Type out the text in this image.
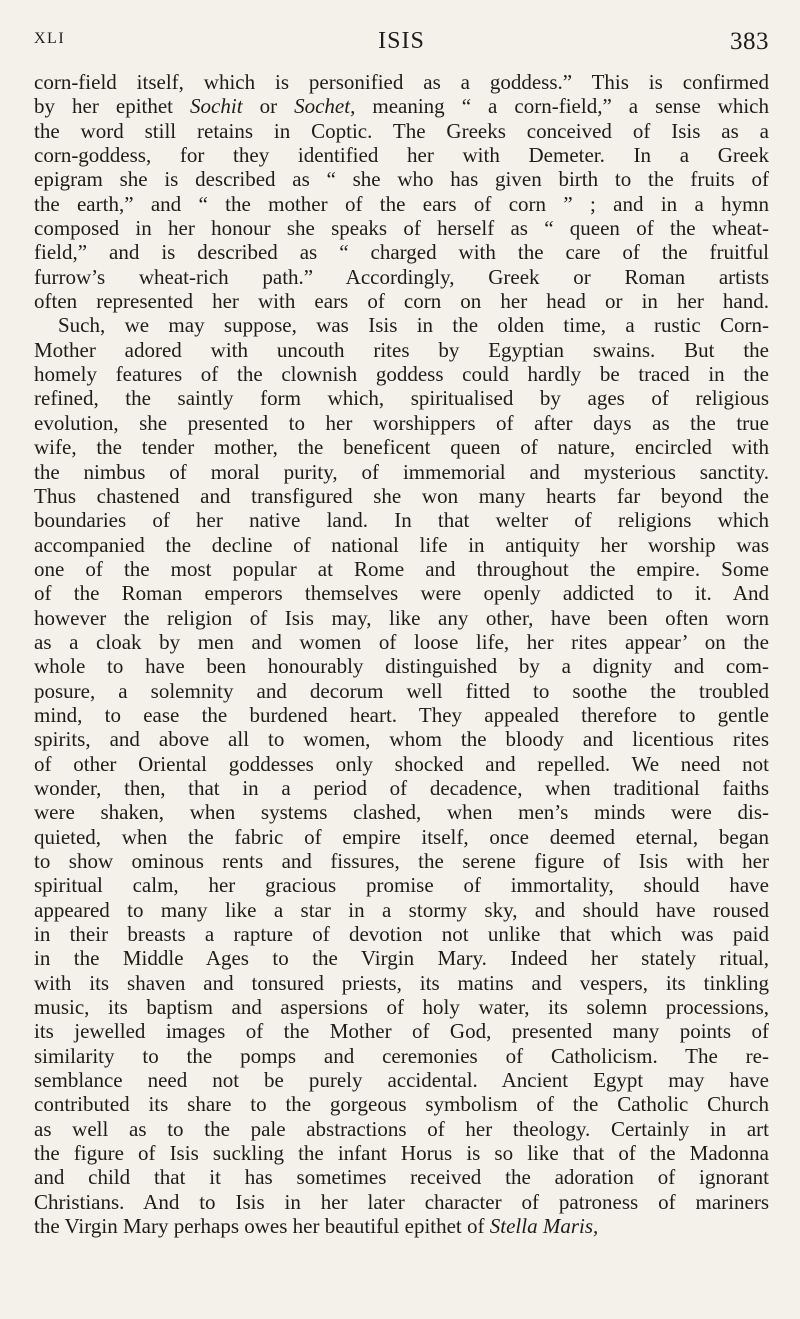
XLI	ISIS	383
corn-field itself, which is personified as a goddess.” This is confirmed
by her epithet Sochit or Sochet, meaning “ a corn-field,” a sense which
the word still retains in Coptic. The Greeks conceived of Isis as a
corn-goddess, for they identified her with Demeter. In a Greek
epigram she is described as “ she who has given birth to the fruits of
the earth,” and “ the mother of the ears of corn ” ; and in a hymn
composed in her honour she speaks of herself as “ queen of the wheat-
field,” and is described as “ charged with the care of the fruitful
furrow’s wheat-rich path.” Accordingly, Greek or Roman artists
often represented her with ears of corn on her head or in her hand.
Such, we may suppose, was Isis in the olden time, a rustic Corn-
Mother adored with uncouth rites by Egyptian swains. But the
homely features of the clownish goddess could hardly be traced in the
refined, the saintly form which, spiritualised by ages of religious
evolution, she presented to her worshippers of after days as the true
wife, the tender mother, the beneficent queen of nature, encircled with
the nimbus of moral purity, of immemorial and mysterious sanctity.
Thus chastened and transfigured she won many hearts far beyond the
boundaries of her native land. In that welter of religions which
accompanied the decline of national life in antiquity her worship was
one of the most popular at Rome and throughout the empire. Some
of the Roman emperors themselves were openly addicted to it. And
however the religion of Isis may, like any other, have been often worn
as a cloak by men and women of loose life, her rites appear’ on the
whole to have been honourably distinguished by a dignity and com-
posure, a solemnity and decorum well fitted to soothe the troubled
mind, to ease the burdened heart. They appealed therefore to gentle
spirits, and above all to women, whom the bloody and licentious rites
of other Oriental goddesses only shocked and repelled. We need not
wonder, then, that in a period of decadence, when traditional faiths
were shaken, when systems clashed, when men’s minds were dis-
quieted, when the fabric of empire itself, once deemed eternal, began
to show ominous rents and fissures, the serene figure of Isis with her
spiritual calm, her gracious promise of immortality, should have
appeared to many like a star in a stormy sky, and should have roused
in their breasts a rapture of devotion not unlike that which was paid
in the Middle Ages to the Virgin Mary. Indeed her stately ritual,
with its shaven and tonsured priests, its matins and vespers, its tinkling
music, its baptism and aspersions of holy water, its solemn processions,
its jewelled images of the Mother of God, presented many points of
similarity to the pomps and ceremonies of Catholicism. The re-
semblance need not be purely accidental. Ancient Egypt may have
contributed its share to the gorgeous symbolism of the Catholic Church
as well as to the pale abstractions of her theology. Certainly in art
the figure of Isis suckling the infant Horus is so like that of the Madonna
and child that it has sometimes received the adoration of ignorant
Christians. And to Isis in her later character of patroness of mariners
the Virgin Mary perhaps owes her beautiful epithet of Stella Maris,
